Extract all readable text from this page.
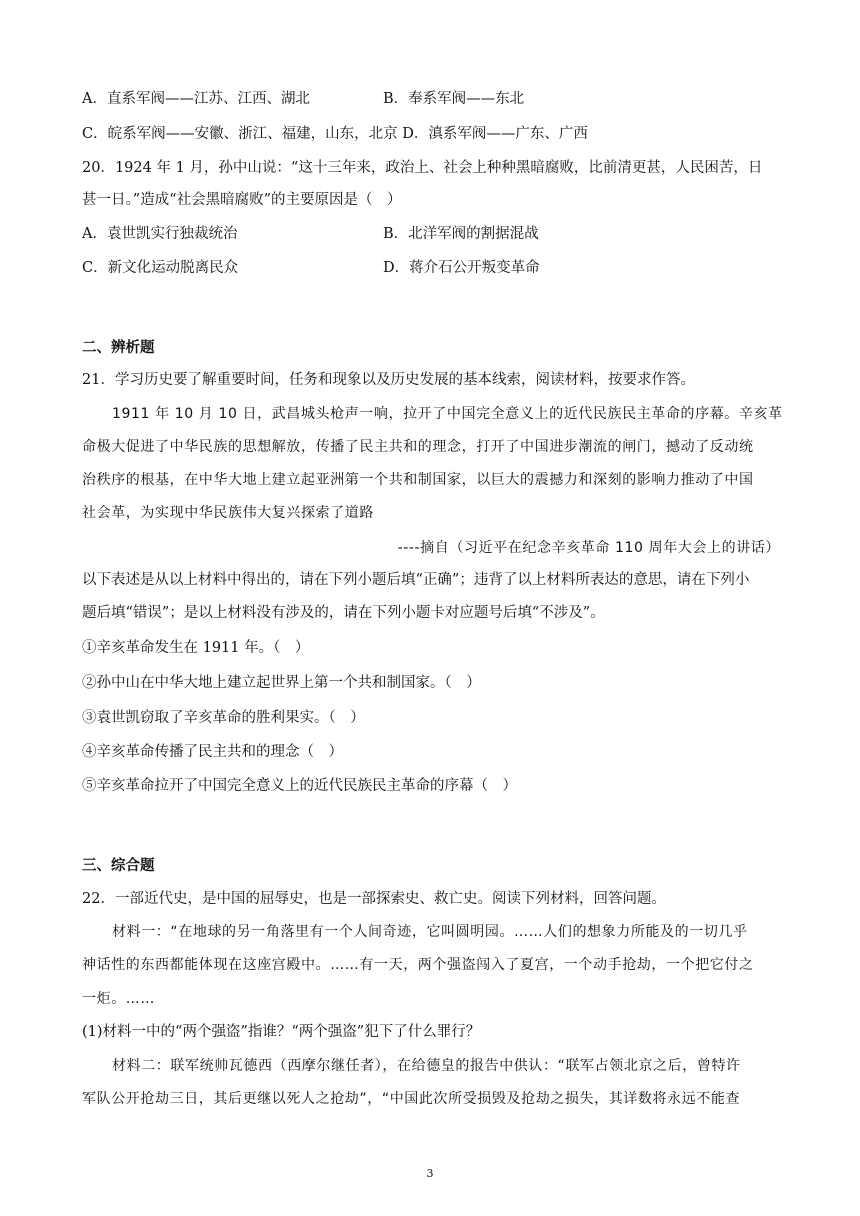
A．直系军阀——江苏、江西、湖北	B．奉系军阀——东北
C．皖系军阀——安徽、浙江、福建，山东，北京 D．滇系军阀——广东、广西
20．1924 年 1 月，孙中山说：“这十三年来，政治上、社会上种种黑暗腐败，比前清更甚，人民困苦，日
甚一日。”造成“社会黑暗腐败”的主要原因是（　）
A．袁世凯实行独裁统治	B．北洋军阀的割据混战
C．新文化运动脱离民众	D．蒋介石公开叛变革命
二、辨析题
21．学习历史要了解重要时间，任务和现象以及历史发展的基本线索，阅读材料，按要求作答。
1911 年 10 月 10 日，武昌城头枪声一响，拉开了中国完全意义上的近代民族民主革命的序幕。辛亥革
命极大促进了中华民族的思想解放，传播了民主共和的理念，打开了中国进步潮流的闸门，撼动了反动统
治秩序的根基，在中华大地上建立起亚洲第一个共和制国家，以巨大的震撼力和深刻的影响力推动了中国
社会革，为实现中华民族伟大复兴探索了道路
----摘自（习近平在纪念辛亥革命 110 周年大会上的讲话）
以下表述是从以上材料中得出的，请在下列小题后填“正确”；违背了以上材料所表达的意思，请在下列小
题后填“错误”；是以上材料没有涉及的，请在下列小题卡对应题号后填“不涉及”。
①辛亥革命发生在 1911 年。（　）
②孙中山在中华大地上建立起世界上第一个共和制国家。（　）
③袁世凯窃取了辛亥革命的胜利果实。（　）
④辛亥革命传播了民主共和的理念（　）
⑤辛亥革命拉开了中国完全意义上的近代民族民主革命的序幕（　）
三、综合题
22．一部近代史，是中国的屈辱史，也是一部探索史、救亡史。阅读下列材料，回答问题。
材料一：“在地球的另一角落里有一个人间奇迹，它叫圆明园。……人们的想象力所能及的一切几乎
神话性的东西都能体现在这座宫殿中。……有一天，两个强盗闯入了夏宫，一个动手抢劫，一个把它付之
一炬。……
(1)材料一中的“两个强盗”指谁？“两个强盗”犯下了什么罪行？
材料二：联军统帅瓦德西（西摩尔继任者），在给德皇的报告中供认：“联军占领北京之后，曾特许
军队公开抢劫三日，其后更继以死人之抢劫”，“中国此次所受损毁及抢劫之损失，其详数将永远不能查
3
